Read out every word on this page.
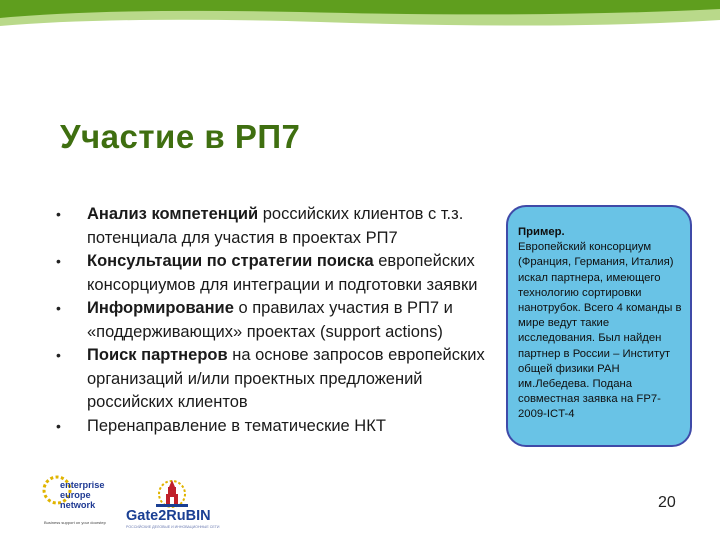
Участие в РП7
• Анализ компетенций российских клиентов с т.з. потенциала для участия в проектах РП7
• Консультации по стратегии поиска европейских консорциумов для интеграции и подготовки заявки
• Информирование о правилах участия в РП7 и «поддерживающих» проектах (support actions)
• Поиск партнеров на основе запросов европейских организаций и/или проектных предложений российских клиентов
• Перенаправление в тематические НКТ
Пример.
Европейский консорциум (Франция, Германия, Италия) искал партнера, имеющего технологию сортировки нанотрубок. Всего 4 команды в мире ведут такие исследования. Был найден партнер в России – Институт общей физики РАН им.Лебедева. Подана совместная заявка на FP7-2009-ICT-4
enterprise
europe
network
Business support on your doorstep Gate2RuBIN
РОССИЙСКИЕ ДЕЛОВЫЕ И ИННОВАЦИОННЫЕ СЕТИ
20
